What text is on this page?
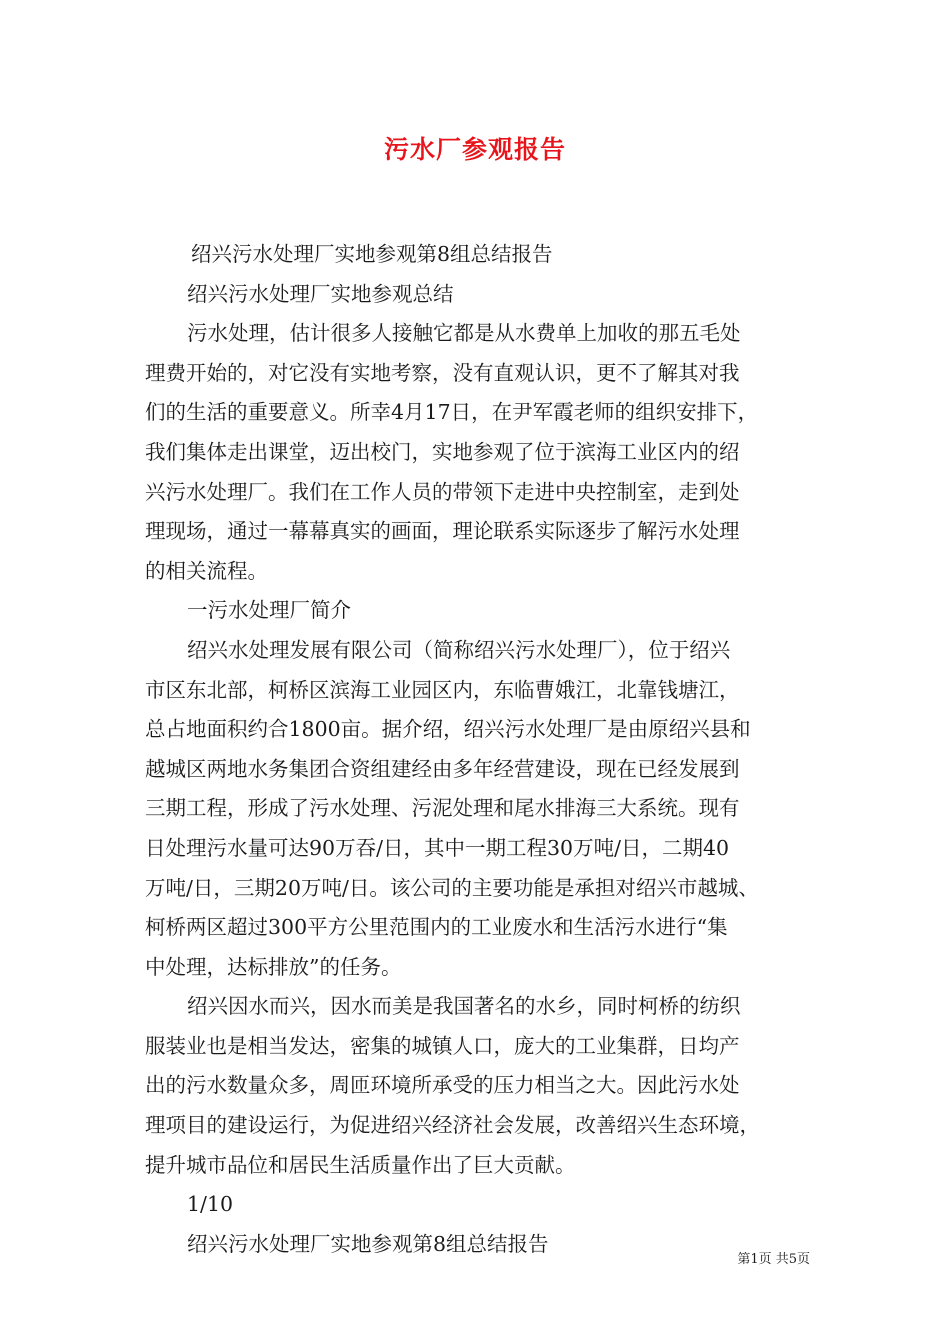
污水厂参观报告
绍兴污水处理厂实地参观第8组总结报告
绍兴污水处理厂实地参观总结
污水处理，估计很多人接触它都是从水费单上加收的那五毛处
理费开始的，对它没有实地考察，没有直观认识，更不了解其对我
们的生活的重要意义。所幸4月17日，在尹军霞老师的组织安排下，
我们集体走出课堂，迈出校门，实地参观了位于滨海工业区内的绍
兴污水处理厂。我们在工作人员的带领下走进中央控制室，走到处
理现场，通过一幕幕真实的画面，理论联系实际逐步了解污水处理
的相关流程。
一污水处理厂简介
绍兴水处理发展有限公司（简称绍兴污水处理厂），位于绍兴
市区东北部，柯桥区滨海工业园区内，东临曹娥江，北靠钱塘江，
总占地面积约合1800亩。据介绍，绍兴污水处理厂是由原绍兴县和
越城区两地水务集团合资组建经由多年经营建设，现在已经发展到
三期工程，形成了污水处理、污泥处理和尾水排海三大系统。现有
日处理污水量可达90万吞/日，其中一期工程30万吨/日，二期40
万吨/日，三期20万吨/日。该公司的主要功能是承担对绍兴市越城、
柯桥两区超过300平方公里范围内的工业废水和生活污水进行“集
中处理，达标排放”的任务。
绍兴因水而兴，因水而美是我国著名的水乡，同时柯桥的纺织
服装业也是相当发达，密集的城镇人口，庞大的工业集群，日均产
出的污水数量众多，周匝环境所承受的压力相当之大。因此污水处
理项目的建设运行，为促进绍兴经济社会发展，改善绍兴生态环境，
提升城市品位和居民生活质量作出了巨大贡献。
1/10
绍兴污水处理厂实地参观第8组总结报告
第1页 共5页
